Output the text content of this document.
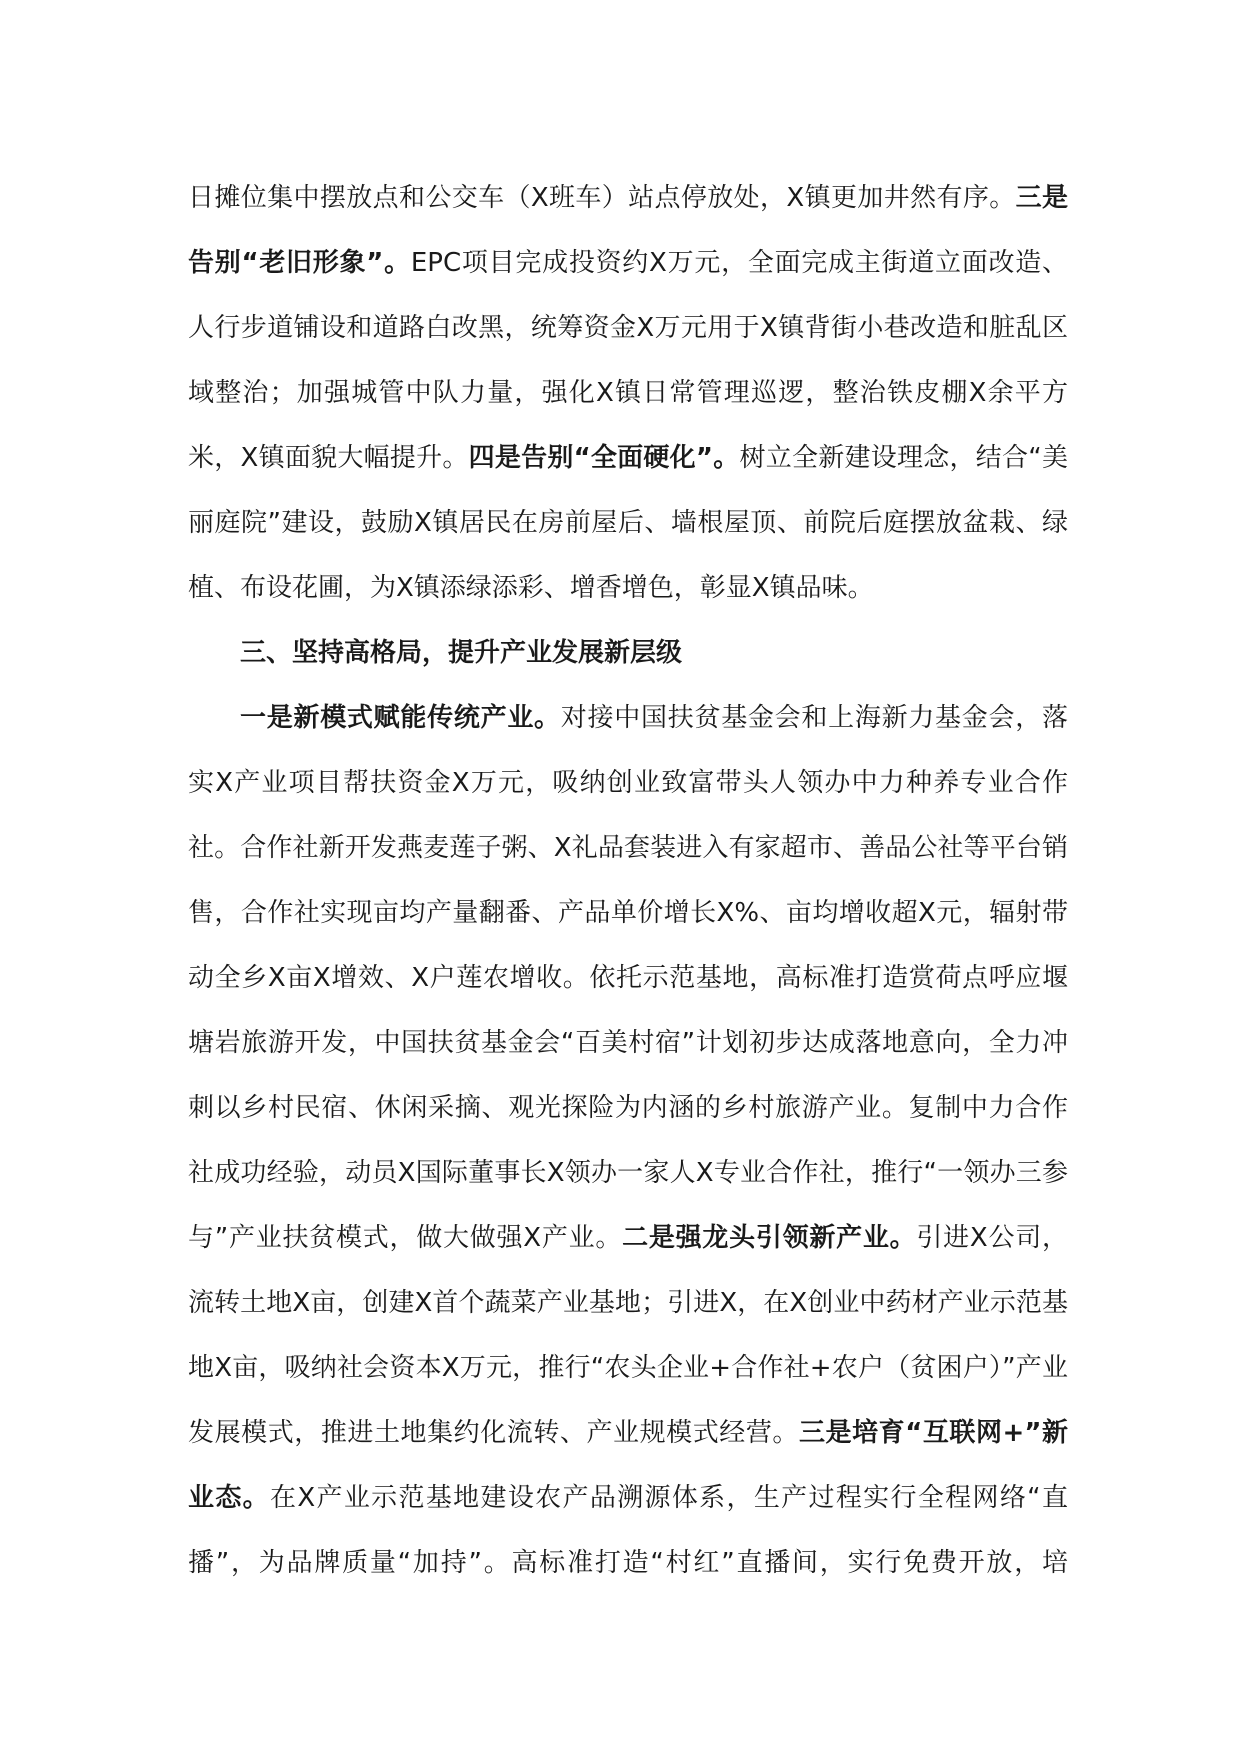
日摊位集中摆放点和公交车（X班车）站点停放处，X镇更加井然有序。三是告别“老旧形象”。EPC项目完成投资约X万元，全面完成主街道立面改造、人行步道铺设和道路白改黑，统筹资金X万元用于X镇背街小巷改造和脏乱区域整治；加强城管中队力量，强化X镇日常管理巡逻，整治铁皮棚X余平方米，X镇面貌大幅提升。四是告别“全面硬化”。树立全新建设理念，结合“美丽庭院”建设，鼓励X镇居民在房前屋后、墙根屋顶、前院后庭摆放盆栽、绿植、布设花圃，为X镇添绿添彩、增香增色，彰显X镇品味。

三、坚持高格局，提升产业发展新层级

一是新模式赋能传统产业。对接中国扶贫基金会和上海新力基金会，落实X产业项目帮扶资金X万元，吸纳创业致富带头人领办中力种养专业合作社。合作社新开发燕麦莲子粥、X礼品套装进入有家超市、善品公社等平台销售，合作社实现亩均产量翻番、产品单价增长X%、亩均增收超X元，辐射带动全乡X亩X增效、X户莲农增收。依托示范基地，高标准打造赏荷点呼应堰塘岩旅游开发，中国扶贫基金会“百美村宿”计划初步达成落地意向，全力冲刺以乡村民宿、休闲采摘、观光探险为内涵的乡村旅游产业。复制中力合作社成功经验，动员X国际董事长X领办一家人X专业合作社，推行“一领办三参与”产业扶贫模式，做大做强X产业。二是强龙头引领新产业。引进X公司，流转土地X亩，创建X首个蔬菜产业基地；引进X，在X创业中药材产业示范基地X亩，吸纳社会资本X万元，推行“农头企业+合作社+农户（贫困户）”产业发展模式，推进土地集约化流转、产业规模式经营。三是培育“互联网+”新业态。在X产业示范基地建设农产品溯源体系，生产过程实行全程网络“直播”，为品牌质量“加持”。高标准打造“村红”直播间，实行免费开放，培
